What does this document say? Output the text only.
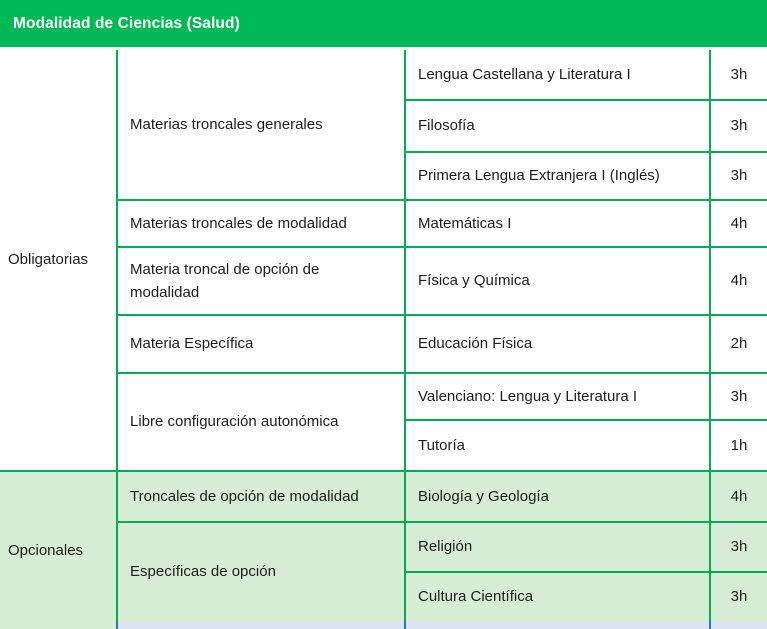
Modalidad de Ciencias (Salud)
Obligatorias	Materias troncales generales	Lengua Castellana y Literatura I	3h
		Filosofía	3h
		Primera Lengua Extranjera I (Inglés)	3h
	Materias troncales de modalidad	Matemáticas I	4h
	Materia troncal de opción de modalidad	Física y Química	4h
	Materia Específica	Educación Física	2h
	Libre configuración autonómica	Valenciano: Lengua y Literatura I	3h
		Tutoría	1h
Opcionales	Troncales de opción de modalidad	Biología y Geología	4h
	Específicas de opción	Religión	3h
		Cultura Científica	3h
